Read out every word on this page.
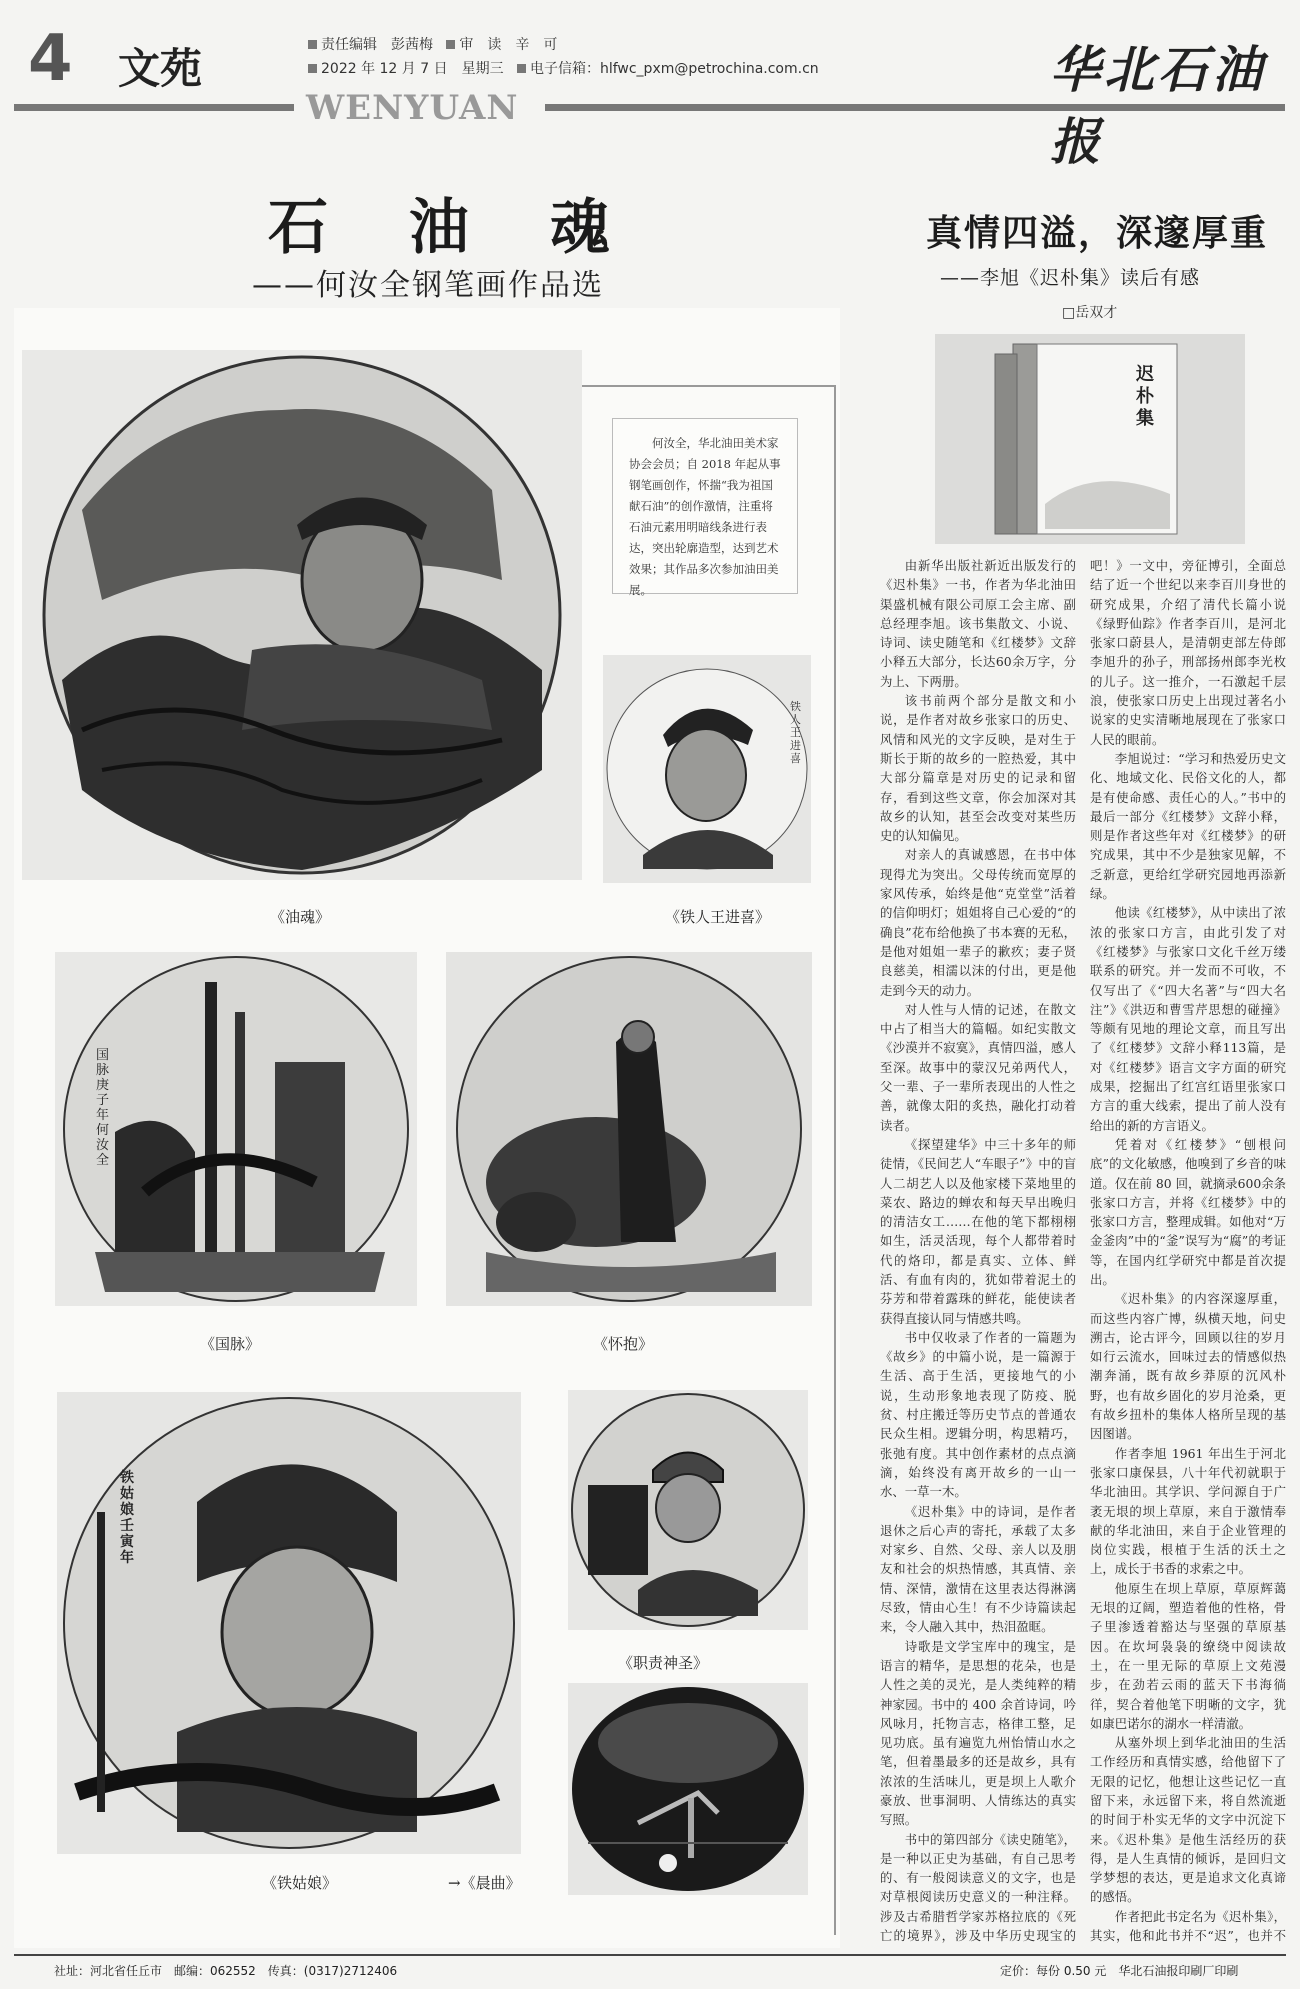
4 文苑	责任编辑　彭茜梅 审　读　辛　可
2022 年 12 月 7 日　星期三 电子信箱：hlfwc_pxm@petrochina.com.cn	华北石油报
WENYUAN
石 油 魂
——何汝全钢笔画作品选
何汝全，华北油田美术家协会会员；自 2018 年起从事钢笔画创作，怀揣“我为祖国献石油”的创作激情，注重将石油元素用明暗线条进行表达，突出轮廓造型，达到艺术效果；其作品多次参加油田美展。
《油魂》
铁人王进喜
《铁人王进喜》
国脉 庚子年 何汝全
《国脉》	《怀抱》
铁姑娘 壬寅年
《铁姑娘》	→《晨曲》
《职责神圣》
真情四溢，深邃厚重
——李旭《迟朴集》读后有感
□岳双才
迟朴集

由新华出版社新近出版发行的《迟朴集》一书，作者为华北油田渠盛机械有限公司原工会主席、副总经理李旭。该书集散文、小说、诗词、读史随笔和《红楼梦》文辞小释五大部分，长达60余万字，分为上、下两册。

该书前两个部分是散文和小说，是作者对故乡张家口的历史、风情和风光的文字反映，是对生于斯长于斯的故乡的一腔热爱，其中大部分篇章是对历史的记录和留存，看到这些文章，你会加深对其故乡的认知，甚至会改变对某些历史的认知偏见。

对亲人的真诚感恩，在书中体现得尤为突出。父母传统而宽厚的家风传承，始终是他“克堂堂”活着的信仰明灯；姐姐将自己心爱的“的确良”花布给他换了书本赛的无私，是他对姐姐一辈子的歉疚；妻子贤良慈美，相濡以沫的付出，更是他走到今天的动力。

对人性与人情的记述，在散文中占了相当大的篇幅。如纪实散文《沙漠并不寂寞》，真情四溢，感人至深。故事中的蒙汉兄弟两代人，父一辈、子一辈所表现出的人性之善，就像太阳的炙热，融化打动着读者。

《探望建华》中三十多年的师徒情，《民间艺人“车眼子”》中的盲人二胡艺人以及他家楼下菜地里的菜农、路边的蝉农和每天早出晚归的清洁女工……在他的笔下都栩栩如生，活灵活现，每个人都带着时代的烙印，都是真实、立体、鲜活、有血有肉的，犹如带着泥土的芬芳和带着露珠的鲜花，能使读者获得直接认同与情感共鸣。

书中仅收录了作者的一篇题为《故乡》的中篇小说，是一篇源于生活、高于生活，更接地气的小说，生动形象地表现了防疫、脱贫、村庄搬迁等历史节点的普通农民众生相。逻辑分明，构思精巧，张弛有度。其中创作素材的点点滴滴，始终没有离开故乡的一山一水、一草一木。

《迟朴集》中的诗词，是作者退休之后心声的寄托，承载了太多对家乡、自然、父母、亲人以及朋友和社会的炽热情感，其真情、亲情、深情，激情在这里表达得淋漓尽致，情由心生！有不少诗篇读起来，令人融入其中，热泪盈眶。

诗歌是文学宝库中的瑰宝，是语言的精华，是思想的花朵，也是人性之美的灵光，是人类纯粹的精神家园。书中的 400 余首诗词，吟风咏月，托物言志，格律工整，足见功底。虽有遍览九州怡情山水之笔，但着墨最多的还是故乡，具有浓浓的生活味儿，更是坝上人歌介豪放、世事洞明、人情练达的真实写照。

书中的第四部分《读史随笔》，是一种以正史为基础，有自己思考的、有一般阅读意义的文字，也是对草根阅读历史意义的一种注释。涉及古希腊哲学家苏格拉底的《死亡的境界》，涉及中华历史现宝的

吧！》一文中，旁征博引，全面总结了近一个世纪以来李百川身世的研究成果，介绍了清代长篇小说《绿野仙踪》作者李百川，是河北张家口蔚县人，是清朝吏部左侍郎李旭升的孙子，刑部扬州郎李光枚的儿子。这一推介，一石激起千层浪，使张家口历史上出现过著名小说家的史实清晰地展现在了张家口人民的眼前。

李旭说过：“学习和热爱历史文化、地域文化、民俗文化的人，都是有使命感、责任心的人。”书中的最后一部分《红楼梦》文辞小释，则是作者这些年对《红楼梦》的研究成果，其中不少是独家见解，不乏新意，更给红学研究园地再添新绿。

他读《红楼梦》，从中读出了浓浓的张家口方言，由此引发了对《红楼梦》与张家口文化千丝万缕联系的研究。并一发而不可收，不仅写出了《“四大名著”与“四大名注”》《洪迈和曹雪芹思想的碰撞》等颇有见地的理论文章，而且写出了《红楼梦》文辞小释113篇，是对《红楼梦》语言文字方面的研究成果，挖掘出了红宫红语里张家口方言的重大线索，提出了前人没有给出的新的方言语义。

凭着对《红楼梦》“刨根问底”的文化敏感，他嗅到了乡音的味道。仅在前 80 回，就摘录600余条张家口方言，并将《红楼梦》中的张家口方言，整理成辑。如他对“万金釜肉”中的“釜”误写为“腐”的考证等，在国内红学研究中都是首次提出。

《迟朴集》的内容深邃厚重，而这些内容广博，纵横天地，问史溯古，论古评今，回顾以往的岁月如行云流水，回味过去的情感似热潮奔涌，既有故乡莽原的沉风朴野，也有故乡固化的岁月沧桑，更有故乡扭朴的集体人格所呈现的基因图谱。

作者李旭 1961 年出生于河北张家口康保县，八十年代初就职于华北油田。其学识、学问源自于广袤无垠的坝上草原，来自于激情奉献的华北油田，来自于企业管理的岗位实践，根植于生活的沃土之上，成长于书香的求索之中。

他原生在坝上草原，草原辉蔼无垠的辽阔，塑造着他的性格，骨子里渗透着豁达与坚强的草原基因。在坎坷袅袅的缭绕中阅读故土，在一里无际的草原上文苑漫步，在劲若云雨的蓝天下书海徜徉，契合着他笔下明晰的文字，犹如康巴诺尔的湖水一样清澈。

从塞外坝上到华北油田的生活工作经历和真情实感，给他留下了无限的记忆，他想让这些记忆一直留下来，永远留下来，将自然流逝的时间于朴实无华的文字中沉淀下来。《迟朴集》是他生活经历的获得，是人生真情的倾诉，是回归文学梦想的表达，更是追求文化真谛的感悟。

作者把此书定名为《迟朴集》，其实，他和此书并不“迟”，也并不

社址：河北省任丘市　邮编：062552　传真：(0317)2712406	定价：每份 0.50 元　华北石油报印刷厂印刷
